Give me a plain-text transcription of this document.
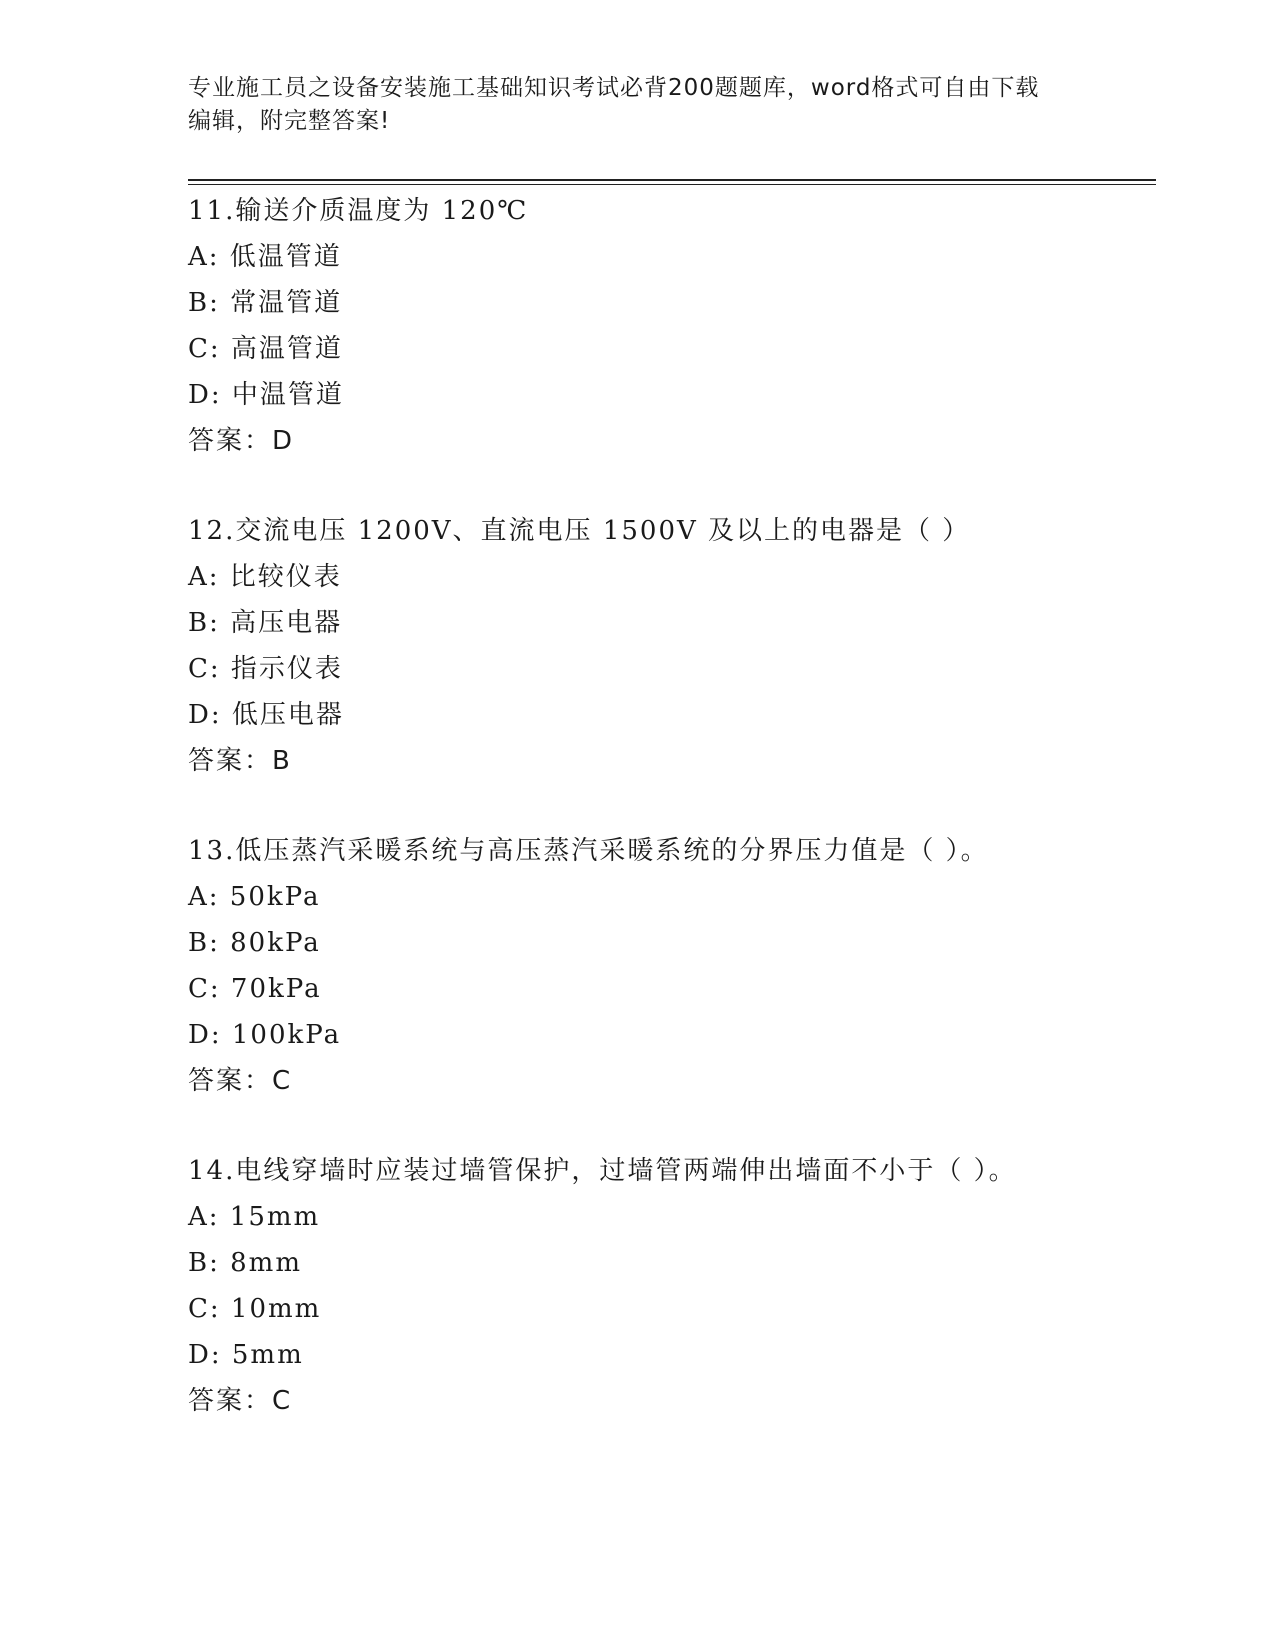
专业施工员之设备安装施工基础知识考试必背200题题库，word格式可自由下载
编辑，附完整答案!
11.输送介质温度为 120℃
A: 低温管道
B: 常温管道
C: 高温管道
D: 中温管道
答案：D
12.交流电压 1200V、直流电压 1500V 及以上的电器是（ ）
A: 比较仪表
B: 高压电器
C: 指示仪表
D: 低压电器
答案：B
13.低压蒸汽采暖系统与高压蒸汽采暖系统的分界压力值是（ ）。
A: 50kPa
B: 80kPa
C: 70kPa
D: 100kPa
答案：C
14.电线穿墙时应装过墙管保护，过墙管两端伸出墙面不小于（ ）。
A: 15mm
B: 8mm
C: 10mm
D: 5mm
答案：C
